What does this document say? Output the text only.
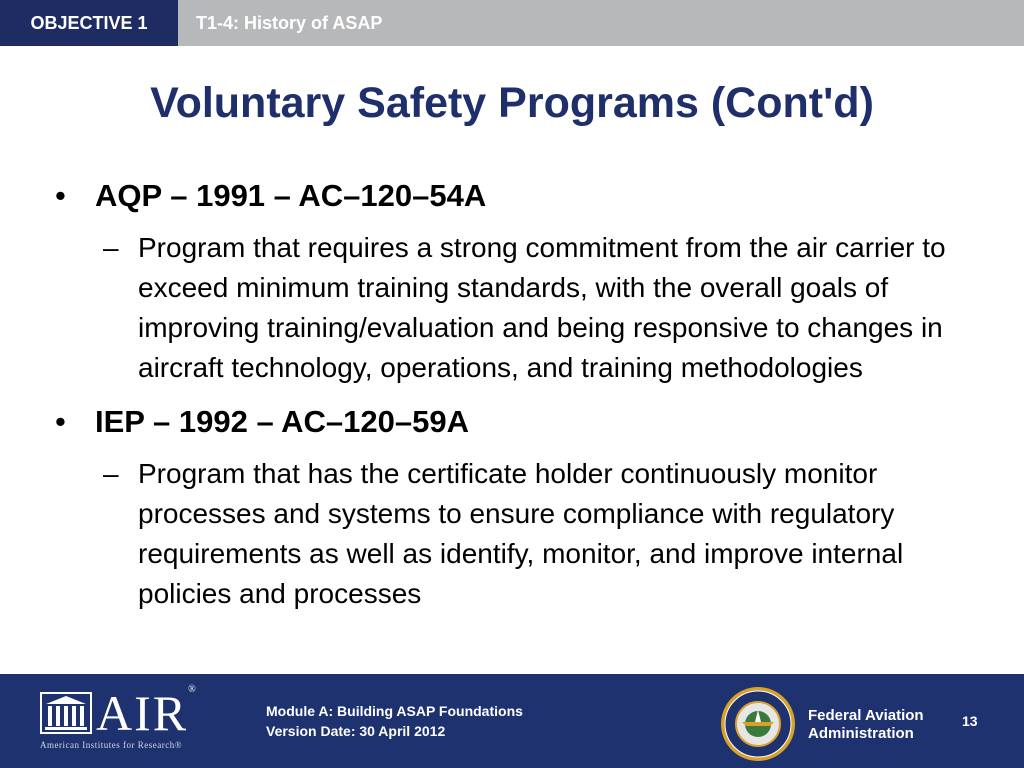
OBJECTIVE 1	T1-4: History of ASAP
Voluntary Safety Programs (Cont'd)
• AQP – 1991 – AC–120–54A
– Program that requires a strong commitment from the air carrier to exceed minimum training standards, with the overall goals of improving training/evaluation and being responsive to changes in aircraft technology, operations, and training methodologies
• IEP – 1992 – AC–120–59A
– Program that has the certificate holder continuously monitor processes and systems to ensure compliance with regulatory requirements as well as identify, monitor, and improve internal policies and processes
AIR®
American Institutes for Research®
Module A: Building ASAP Foundations
Version Date: 30 April 2012
Federal Aviation
Administration
13
